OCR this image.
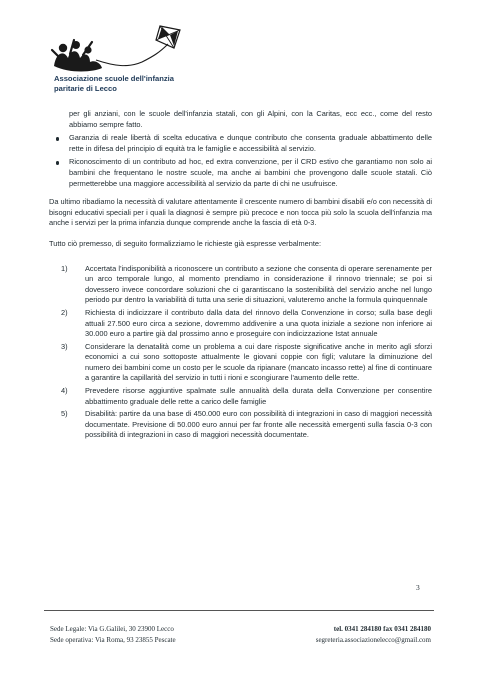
Associazione scuole dell'infanzia
paritarie di Lecco

per gli anziani, con le scuole dell'infanzia statali, con gli Alpini, con la Caritas, ecc ecc., come del resto abbiamo sempre fatto.

Garanzia di reale libertà di scelta educativa e dunque contributo che consenta graduale abbattimento delle rette in difesa del principio di equità tra le famiglie e accessibilità al servizio.
Riconoscimento di un contributo ad hoc, ed extra convenzione, per il CRD estivo che garantiamo non solo ai bambini che frequentano le nostre scuole, ma anche ai bambini che provengono dalle scuole statali. Ciò permetterebbe una maggiore accessibilità al servizio da parte di chi ne usufruisce.

Da ultimo ribadiamo la necessità di valutare attentamente il crescente numero di bambini disabili e/o con necessità di bisogni educativi speciali per i quali la diagnosi è sempre più precoce e non tocca più solo la scuola dell'infanzia ma anche i servizi per la prima infanzia dunque comprende anche la fascia di età 0-3.

Tutto ciò premesso, di seguito formalizziamo le richieste già espresse verbalmente:

1) Accertata l'indisponibilità a riconoscere un contributo a sezione che consenta di operare serenamente per un arco temporale lungo, al momento prendiamo in considerazione il rinnovo triennale; se poi si dovessero invece concordare soluzioni che ci garantiscano la sostenibilità del servizio anche nel lungo periodo pur dentro la variabilità di tutta una serie di situazioni, valuteremo anche la formula quinquennale
2) Richiesta di indicizzare il contributo dalla data del rinnovo della Convenzione in corso; sulla base degli attuali 27.500 euro circa a sezione, dovremmo addivenire a una quota iniziale a sezione non inferiore ai 30.000 euro a partire già dal prossimo anno e proseguire con indicizzazione Istat annuale
3) Considerare la denatalità come un problema a cui dare risposte significative anche in merito agli sforzi economici a cui sono sottoposte attualmente le giovani coppie con figli; valutare la diminuzione del numero dei bambini come un costo per le scuole da ripianare (mancato incasso rette) al fine di continuare a garantire la capillarità del servizio in tutti i rioni e scongiurare l'aumento delle rette.
4) Prevedere risorse aggiuntive spalmate sulle annualità della durata della Convenzione per consentire abbattimento graduale delle rette a carico delle famiglie
5) Disabilità: partire da una base di 450.000 euro con possibilità di integrazioni in caso di maggiori necessità documentate. Previsione di 50.000 euro annui per far fronte alle necessità emergenti sulla fascia 0-3 con possibilità di integrazioni in caso di maggiori necessità documentate.
3
Sede Legale: Via G.Galilei, 30 23900 Lecco
Sede operativa: Via Roma, 93 23855 Pescate
tel. 0341 284180 fax 0341 284180
segreteria.associazionelecco@gmail.com
